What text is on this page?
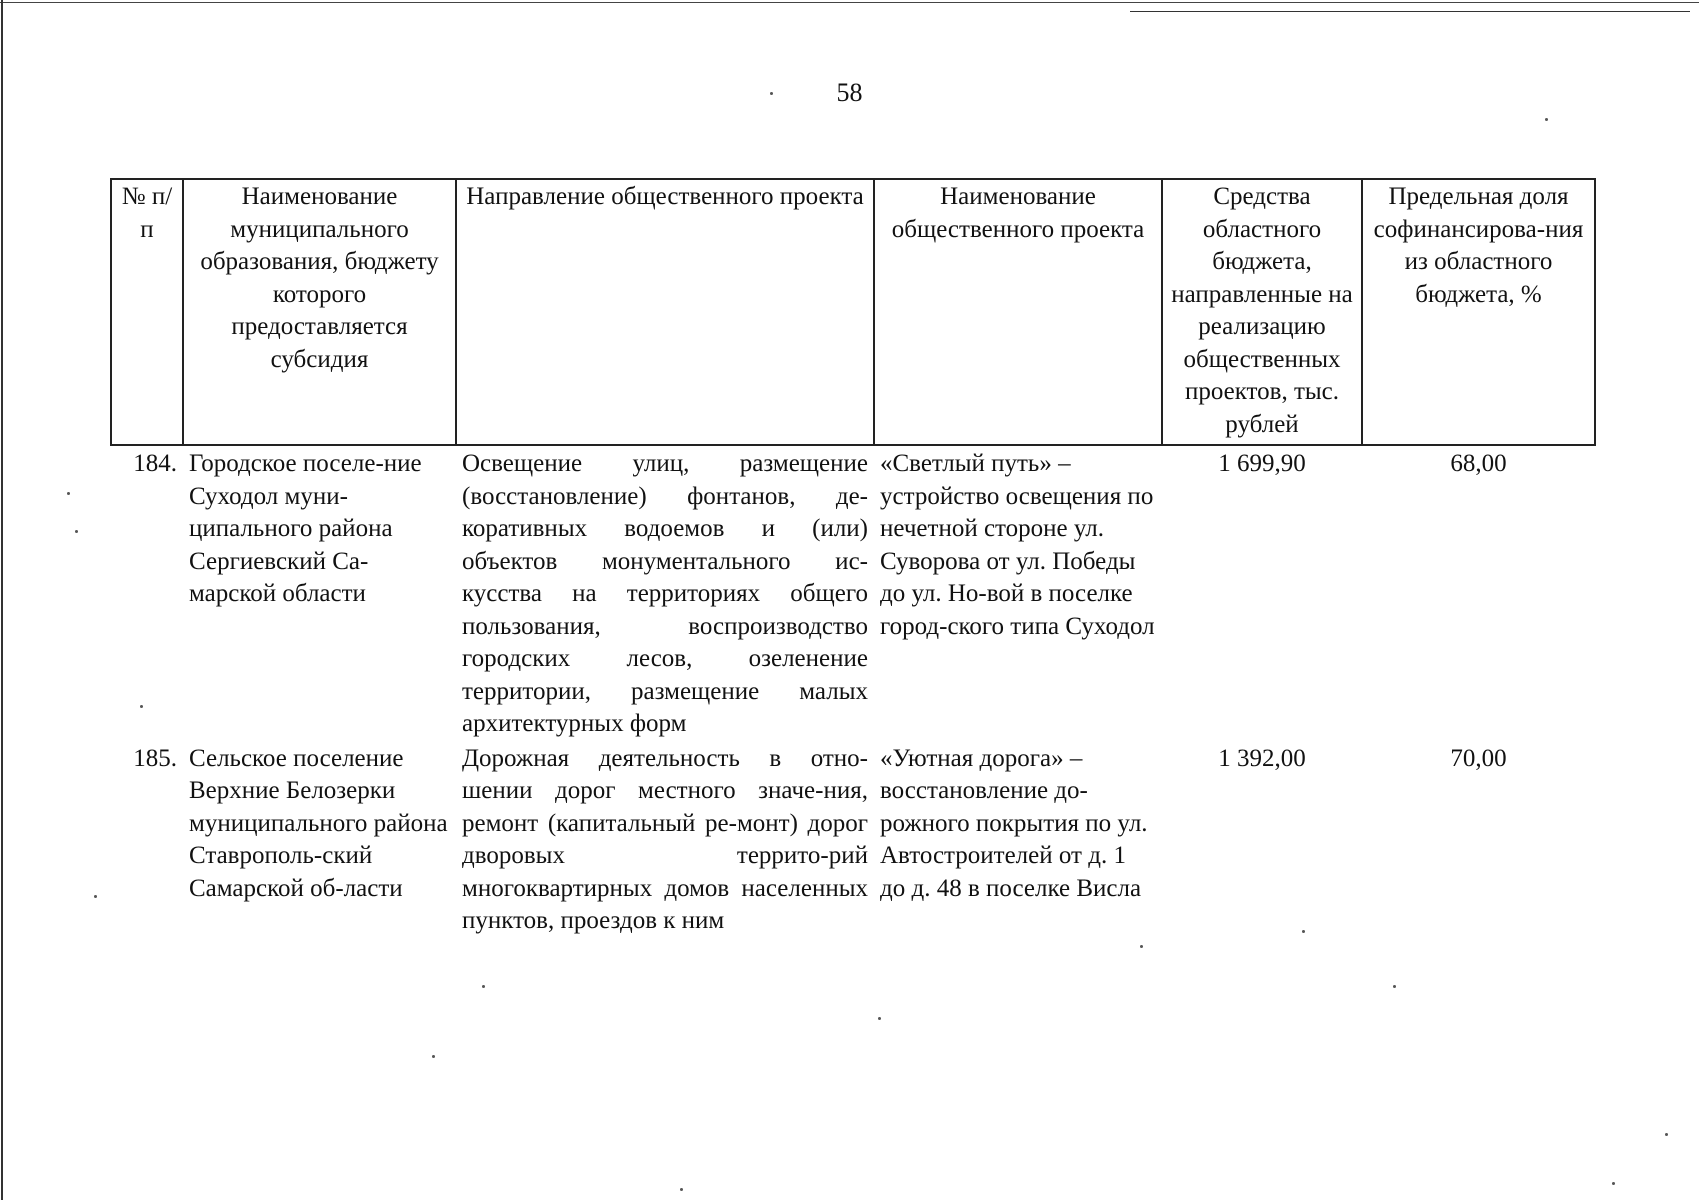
58
№ п/п	Наименование муниципального образования, бюджету которого предоставляется субсидия	Направление общественного проекта	Наименование общественного проекта	Средства областного бюджета, направленные на реализацию общественных проектов, тыс. рублей	Предельная доля софинансирова-ния из областного бюджета, %
184.	Городское поселе-ние Суходол муни-ципального района Сергиевский Са-марской области	Освещение улиц, размещение (восстановление) фонтанов, де-коративных водоемов и (или) объектов монументального ис-кусства на территориях общего пользования, воспроизводство городских лесов, озеленение территории, размещение малых архитектурных форм	«Светлый путь» – устройство освещения по нечетной стороне ул. Суворова от ул. Победы до ул. Но-вой в поселке город-ского типа Суходол	1 699,90	68,00
185.	Сельское поселение Верхние Белозерки муниципального района Ставрополь-ский Самарской об-ласти	Дорожная деятельность в отно-шении дорог местного значе-ния, ремонт (капитальный ре-монт) дорог дворовых террито-рий многоквартирных домов населенных пунктов, проездов к ним	«Уютная дорога» – восстановление до-рожного покрытия по ул. Автостроителей от д. 1 до д. 48 в поселке Висла	1 392,00	70,00
